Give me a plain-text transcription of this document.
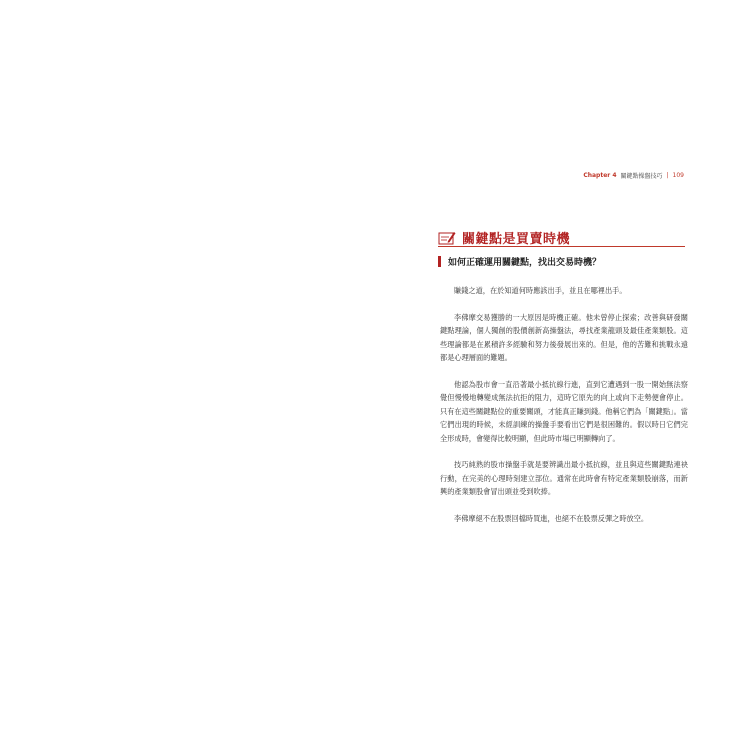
Chapter 4 關鍵點操盤技巧 | 109
關鍵點是買賣時機
如何正確運用關鍵點，找出交易時機？

賺錢之道，在於知道何時應該出手，並且在哪裡出手。

李佛摩交易獲勝的一大原因是時機正確。他未曾停止探索；改善與研發關鍵點理論，個人獨創的股價創新高操盤法，尋找產業龍頭及最佳產業類股。這些理論都是在累積許多經驗和努力後發展出來的。但是，他的苦難和挑戰永遠都是心理層面的難題。

他認為股市會一直沿著最小抵抗線行進，直到它遭遇到一股一開始無法察覺但慢慢地轉變成無法抗拒的阻力，這時它原先的向上或向下走勢便會停止。只有在這些關鍵點位的重要關頭，才能真正賺到錢。他稱它們為「關鍵點」。當它們出現的時候，未經訓練的操盤手要看出它們是很困難的。假以時日它們完全形成時，會變得比較明顯，但此時市場已明顯轉向了。

技巧純熟的股市操盤手就是要辨識出最小抵抗線，並且與這些關鍵點連袂行動，在完美的心理時刻建立部位。通常在此時會有特定產業類股崩落，而新興的產業類股會冒出頭並受到吹捧。

李佛摩絕不在股票回檔時買進，也絕不在股票反彈之時放空。
